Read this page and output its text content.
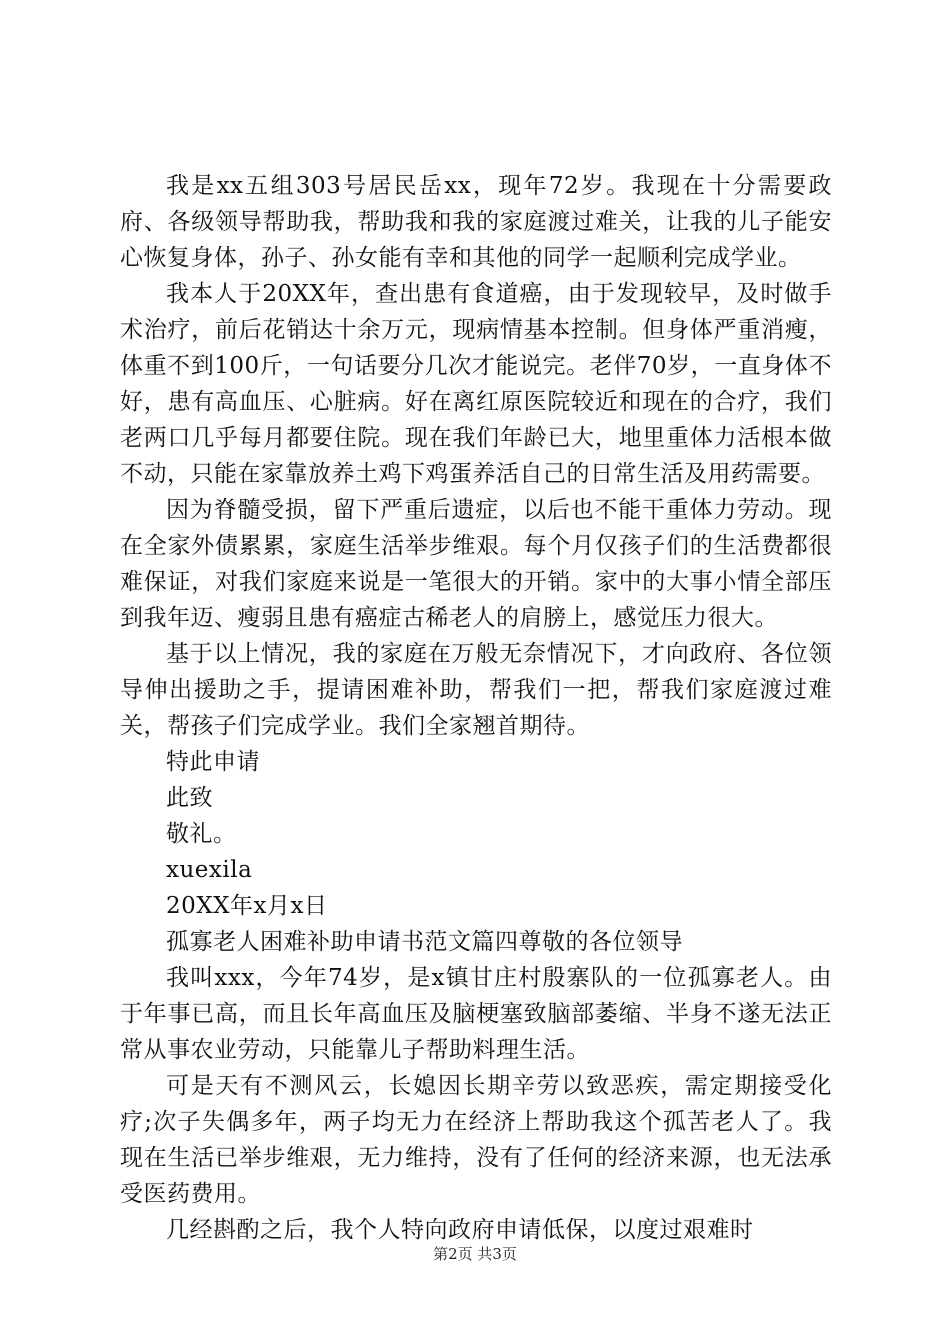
我是xx五组303号居民岳xx，现年72岁。我现在十分需要政府、各级领导帮助我，帮助我和我的家庭渡过难关，让我的儿子能安心恢复身体，孙子、孙女能有幸和其他的同学一起顺利完成学业。

我本人于20XX年，查出患有食道癌，由于发现较早，及时做手术治疗，前后花销达十余万元，现病情基本控制。但身体严重消瘦，体重不到100斤，一句话要分几次才能说完。老伴70岁，一直身体不好，患有高血压、心脏病。好在离红原医院较近和现在的合疗，我们老两口几乎每月都要住院。现在我们年龄已大，地里重体力活根本做不动，只能在家靠放养土鸡下鸡蛋养活自己的日常生活及用药需要。

因为脊髓受损，留下严重后遗症，以后也不能干重体力劳动。现在全家外债累累，家庭生活举步维艰。每个月仅孩子们的生活费都很难保证，对我们家庭来说是一笔很大的开销。家中的大事小情全部压到我年迈、瘦弱且患有癌症古稀老人的肩膀上，感觉压力很大。

基于以上情况，我的家庭在万般无奈情况下，才向政府、各位领导伸出援助之手，提请困难补助，帮我们一把，帮我们家庭渡过难关，帮孩子们完成学业。我们全家翘首期待。

特此申请

此致

敬礼。

xuexila

20XX年x月x日

孤寡老人困难补助申请书范文篇四尊敬的各位领导

我叫xxx，今年74岁，是x镇甘庄村殷寨队的一位孤寡老人。由于年事已高，而且长年高血压及脑梗塞致脑部萎缩、半身不遂无法正常从事农业劳动，只能靠儿子帮助料理生活。

可是天有不测风云，长媳因长期辛劳以致恶疾，需定期接受化疗;次子失偶多年，两子均无力在经济上帮助我这个孤苦老人了。我现在生活已举步维艰，无力维持，没有了任何的经济来源，也无法承受医药费用。

几经斟酌之后，我个人特向政府申请低保，以度过艰难时

第2页 共3页
